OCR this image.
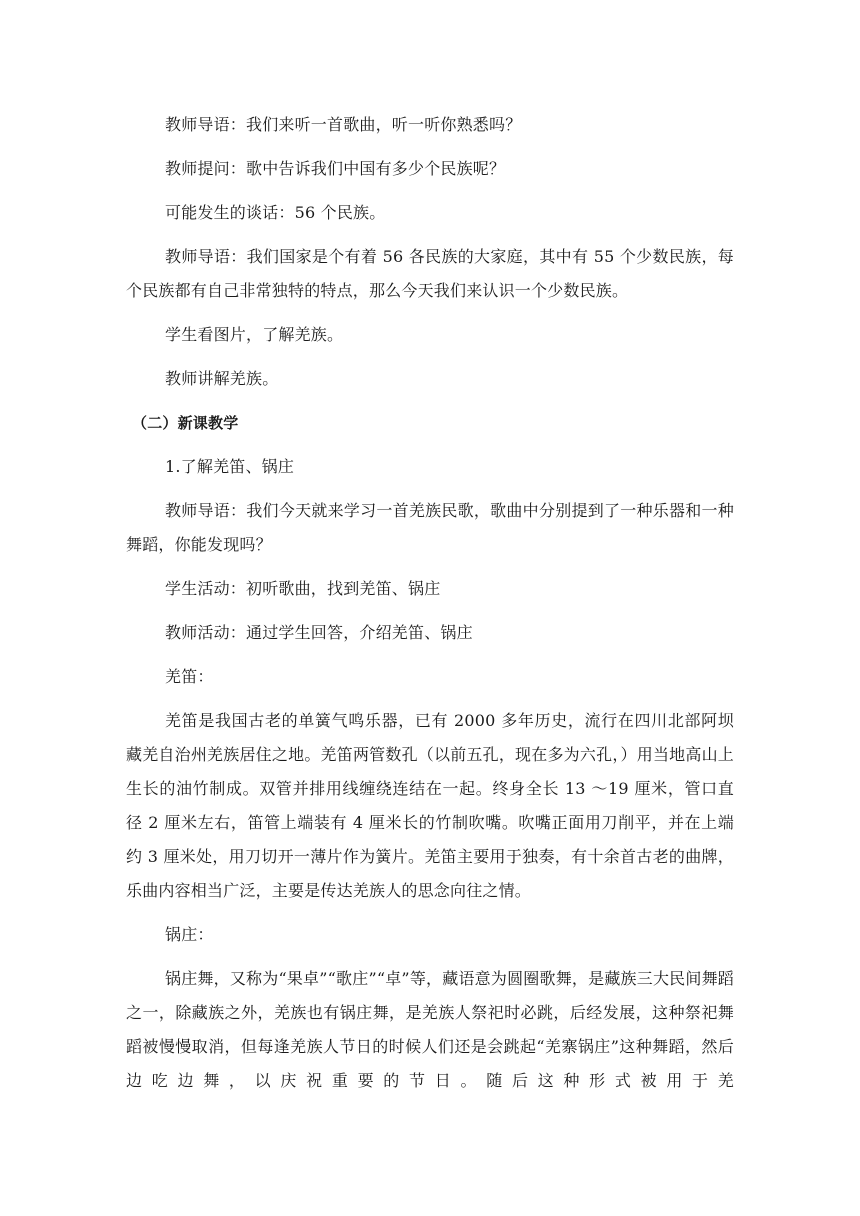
教师导语：我们来听一首歌曲，听一听你熟悉吗？

教师提问：歌中告诉我们中国有多少个民族呢？

可能发生的谈话：56 个民族。

教师导语：我们国家是个有着 56 各民族的大家庭，其中有 55 个少数民族，每个民族都有自己非常独特的特点，那么今天我们来认识一个少数民族。

学生看图片，了解羌族。

教师讲解羌族。

（二）新课教学

1.了解羌笛、锅庄

教师导语：我们今天就来学习一首羌族民歌，歌曲中分别提到了一种乐器和一种舞蹈，你能发现吗？

学生活动：初听歌曲，找到羌笛、锅庄

教师活动：通过学生回答，介绍羌笛、锅庄

羌笛：

羌笛是我国古老的单簧气鸣乐器，已有 2000 多年历史，流行在四川北部阿坝藏羌自治州羌族居住之地。羌笛两管数孔（以前五孔，现在多为六孔，）用当地高山上生长的油竹制成。双管并排用线缠绕连结在一起。终身全长 13 ～19 厘米，管口直径 2 厘米左右，笛管上端装有 4 厘米长的竹制吹嘴。吹嘴正面用刀削平，并在上端约 3 厘米处，用刀切开一薄片作为簧片。羌笛主要用于独奏，有十余首古老的曲牌，乐曲内容相当广泛，主要是传达羌族人的思念向往之情。

锅庄：

锅庄舞，又称为“果卓”“歌庄”“卓”等，藏语意为圆圈歌舞，是藏族三大民间舞蹈之一，除藏族之外，羌族也有锅庄舞，是羌族人祭祀时必跳，后经发展，这种祭祀舞蹈被慢慢取消，但每逢羌族人节日的时候人们还是会跳起“羌寨锅庄”这种舞蹈，然后边吃边舞，以庆祝重要的节日。随后这种形式被用于羌
